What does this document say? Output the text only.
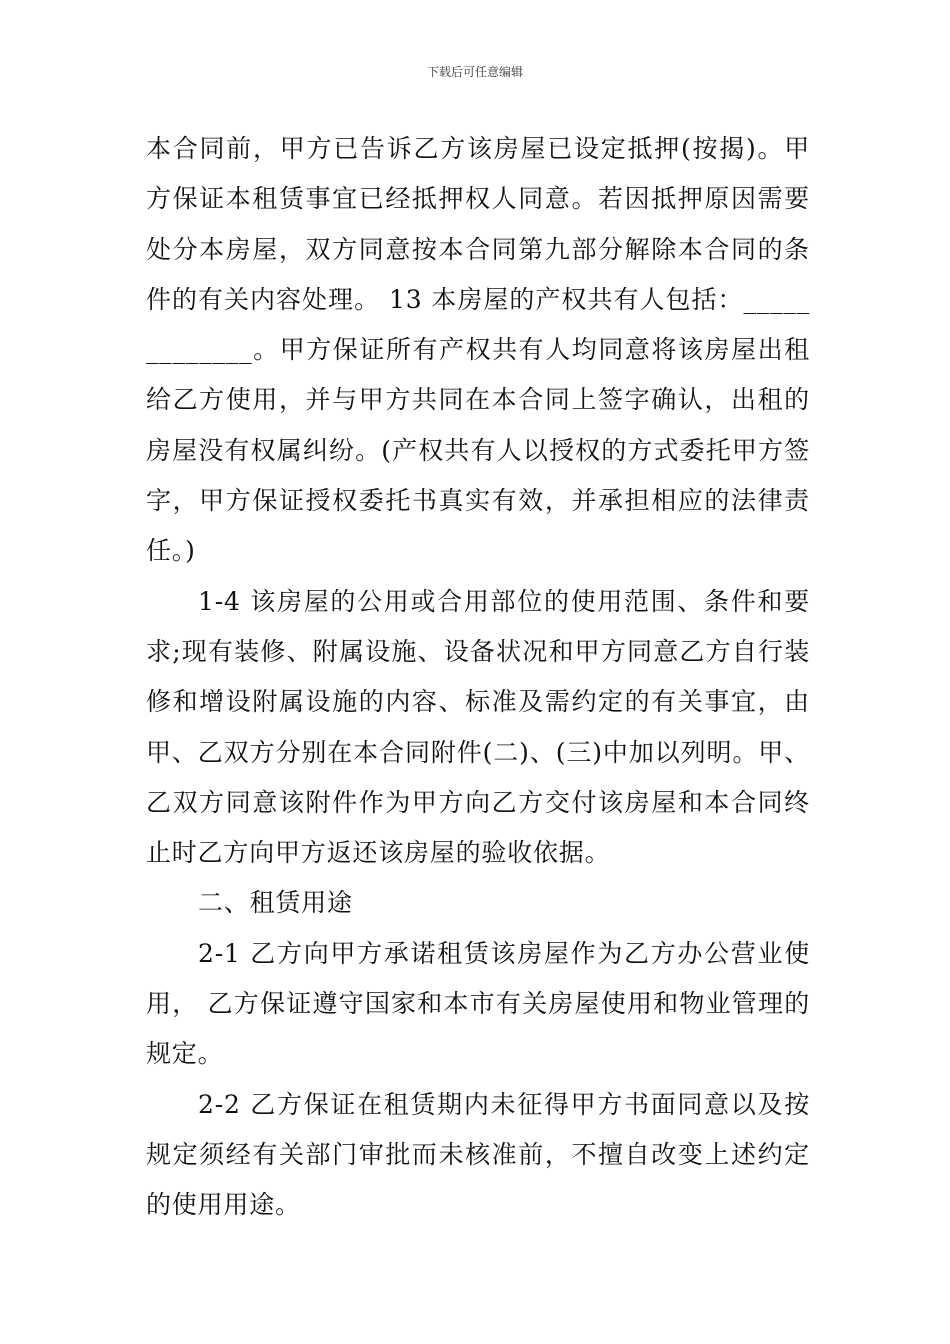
下载后可任意编辑

本合同前，甲方已告诉乙方该房屋已设定抵押(按揭)。甲方保证本租赁事宜已经抵押权人同意。若因抵押原因需要处分本房屋，双方同意按本合同第九部分解除本合同的条件的有关内容处理。 13 本房屋的产权共有人包括：_____________。甲方保证所有产权共有人均同意将该房屋出租给乙方使用，并与甲方共同在本合同上签字确认，出租的房屋没有权属纠纷。(产权共有人以授权的方式委托甲方签字，甲方保证授权委托书真实有效，并承担相应的法律责任。)

1-4 该房屋的公用或合用部位的使用范围、条件和要求;现有装修、附属设施、设备状况和甲方同意乙方自行装修和增设附属设施的内容、标准及需约定的有关事宜，由甲、乙双方分别在本合同附件(二)、(三)中加以列明。甲、乙双方同意该附件作为甲方向乙方交付该房屋和本合同终止时乙方向甲方返还该房屋的验收依据。

二、租赁用途

2-1 乙方向甲方承诺租赁该房屋作为乙方办公营业使用， 乙方保证遵守国家和本市有关房屋使用和物业管理的规定。

2-2 乙方保证在租赁期内未征得甲方书面同意以及按规定须经有关部门审批而未核准前，不擅自改变上述约定的使用用途。
